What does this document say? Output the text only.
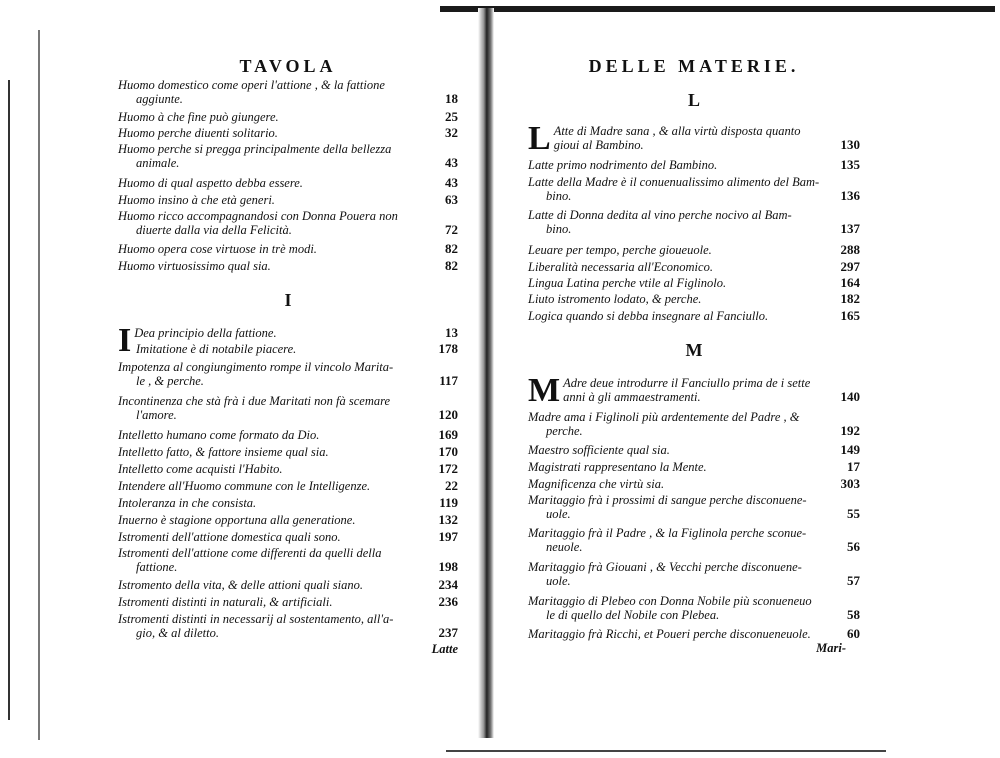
TAVOLA
Huomo domestico come operi l'attione , & la fattione
aggiunte.	18
Huomo à che fine può giungere.	25
Huomo perche diuenti solitario.	32
Huomo perche si pregga principalmente della bellezza
animale.	43
Huomo di qual aspetto debba essere.	43
Huomo insino à che età generi.	63
Huomo ricco accompagnandosi con Donna Pouera non
diuerte dalla via della Felicità.	72
Huomo opera cose virtuose in trè modi.	82
Huomo virtuosissimo qual sia.	82
I
I Dea principio della fattione.	13
Imitatione è di notabile piacere.	178
Impotenza al congiungimento rompe il vincolo Marita-
le , & perche.	117
Incontinenza che stà frà i due Maritati non fà scemare
l'amore.	120
Intelletto humano come formato da Dio.	169
Intelletto fatto, & fattore insieme qual sia.	170
Intelletto come acquisti l'Habito.	172
Intendere all'Huomo commune con le Intelligenze.	22
Intoleranza in che consista.	119
Inuerno è stagione opportuna alla generatione.	132
Istromenti dell'attione domestica quali sono.	197
Istromenti dell'attione come differenti da quelli della
fattione.	198
Istromento della vita, & delle attioni quali siano.	234
Istromenti distinti in naturali, & artificiali.	236
Istromenti distinti in necessarij al sostentamento, all'a-
gio, & al diletto.	237
Latte
DELLE MATERIE.
L
L Atte di Madre sana , & alla virtù disposta quanto
gioui al Bambino.	130
Latte primo nodrimento del Bambino.	135
Latte della Madre è il conuenualissimo alimento del Bam-
bino.	136
Latte di Donna dedita al vino perche nocivo al Bam-
bino.	137
Leuare per tempo, perche gioueuole.	288
Liberalità necessaria all'Economico.	297
Lingua Latina perche vtile al Figlinolo.	164
Liuto istromento lodato, & perche.	182
Logica quando si debba insegnare al Fanciullo.	165
M
M Adre deue introdurre il Fanciullo prima de i sette
anni à gli ammaestramenti.	140
Madre ama i Figlinoli più ardentemente del Padre , &
perche.	192
Maestro sofficiente qual sia.	149
Magistrati rappresentano la Mente.	17
Magnificenza che virtù sia.	303
Maritaggio frà i prossimi di sangue perche disconuene-
uole.	55
Maritaggio frà il Padre , & la Figlinola perche sconue-
neuole.	56
Maritaggio frà Giouani , & Vecchi perche disconuene-
uole.	57
Maritaggio di Plebeo con Donna Nobile più sconueneuo
le di quello del Nobile con Plebea.	58
Maritaggio frà Ricchi, et Poueri perche disconueneuole.	60
Mari-
